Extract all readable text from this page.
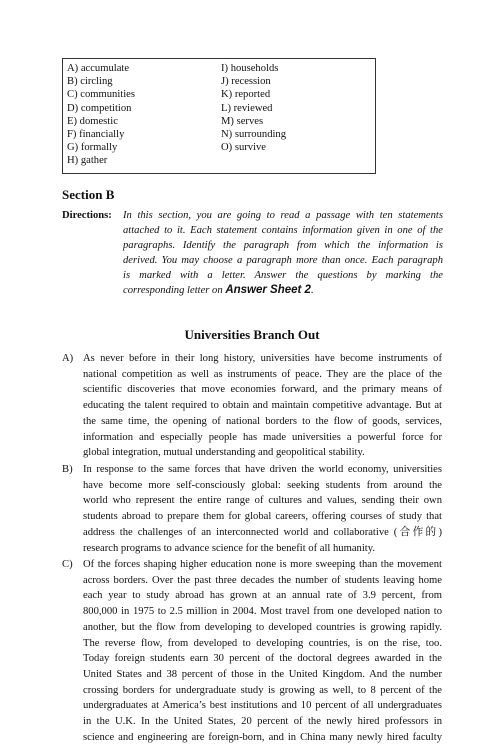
A) accumulate
B) circling
C) communities
D) competition
E) domestic
F) financially
G) formally
H) gather
I) households
J) recession
K) reported
L) reviewed
M) serves
N) surrounding
O) survive
Section B
Directions: In this section, you are going to read a passage with ten statements
attached to it. Each statement contains information given in one of the
paragraphs. Identify the paragraph from which the information is
derived. You may choose a paragraph more than once. Each paragraph
is marked with a letter. Answer the questions by marking the
corresponding letter on Answer Sheet 2.
Universities Branch Out
A) As never before in their long history, universities have become instruments of
national competition as well as instruments of peace. They are the place of the
scientific discoveries that move economies forward, and the primary means of
educating the talent required to obtain and maintain competitive advantage. But at
the same time, the opening of national borders to the flow of goods, services,
information and especially people has made universities a powerful force for
global integration, mutual understanding and geopolitical stability.
B) In response to the same forces that have driven the world economy, universities
have become more self-consciously global: seeking students from around the
world who represent the entire range of cultures and values, sending their own
students abroad to prepare them for global careers, offering courses of study that
address the challenges of an interconnected world and collaborative (合作的)
research programs to advance science for the benefit of all humanity.
C) Of the forces shaping higher education none is more sweeping than the movement
across borders. Over the past three decades the number of students leaving home
each year to study abroad has grown at an annual rate of 3.9 percent, from
800,000 in 1975 to 2.5 million in 2004. Most travel from one developed nation to
another, but the flow from developing to developed countries is growing rapidly.
The reverse flow, from developed to developing countries, is on the rise, too.
Today foreign students earn 30 percent of the doctoral degrees awarded in the
United States and 38 percent of those in the United Kingdom. And the number
crossing borders for undergraduate study is growing as well, to 8 percent of the
undergraduates at America’s best institutions and 10 percent of all undergraduates
in the U.K. In the United States, 20 percent of the newly hired professors in
science and engineering are foreign-born, and in China many newly hired faculty
